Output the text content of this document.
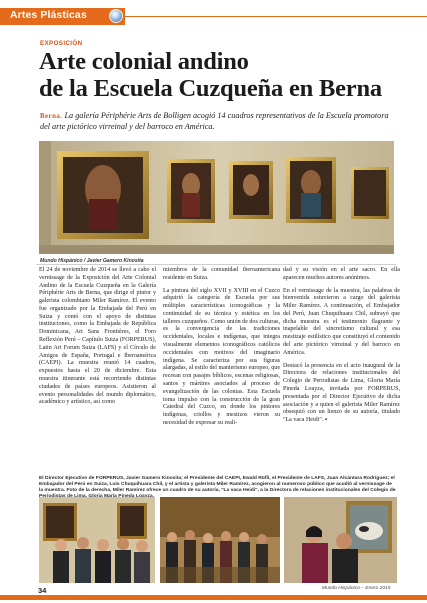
Artes Plásticas
EXPOSICIÓN
Arte colonial andino
de la Escuela Cuzqueña en Berna
Berna. La galería Périphérie Arts de Bolligen acogió 14 cuadros representativos de la Escuela promotora del arte pictórico virreinal y del barroco en América.
Mundo Hispánico / Javier Gamero Kinosita

El 24 de noviembre de 2014 se llevó a cabo el vernissage de la Exposición del Arte Colonial Andino de la Escuela Cuzqueña en la Galería Périphérie Arts de Berna, que dirige el pintor y galerista colombiano Miler Ramírez. El evento fue organizado por la Embajada del Perú en Suiza y contó con el apoyo de distintas instituciones, como la Embajada de República Dominicana, Art Sans Frontières, el Foro Reflexión Perú – Capítulo Suiza (FORPERUS), Latin Art Forum Suiza (LAFS) y el Círculo de Amigos de España, Portugal e Iberoamérica (CAEPI). La muestra reunió 14 cuadros, expuestos hasta el 20 de diciembre. Esta muestra itinerante está recorriendo distintas ciudades de países europeos. Asistieron al evento personalidades del mundo diplomático, académico y artístico, así como

miembros de la comunidad iberoamericana residente en Suiza.

La pintura del siglo XVII y XVIII en el Cuzco adquirió la categoría de Escuela por sus múltiples características iconográficas y la continuidad de su técnica y estética en los talleres cuzqueños. Como unión de dos culturas, es la convergencia de las tradiciones occidentales, locales e indígenas, que integra visualmente elementos iconográficos católicos occidentales con motivos del imaginario indígena. Se caracteriza por sus figuras alargadas, al estilo del manierismo europeo, que recrean con pasajes bíblicos, escenas religiosas, santos y mártires asociados al proceso de evangelización de las colonias. Esta Escuela toma impulso con la construcción de la gran Catedral del Cuzco, en donde los pintores indígenas, criollos y mestizos vieron su necesidad de expresar su reali-

dad y su visión en el arte sacro. En ella aparecen muchos autores anónimos.

En el vernissage de la muestra, las palabras de bienvenida estuvieron a cargo del galerista Miler Ramírez. A continuación, el Embajador del Perú, Juan Chuquihuara Chil, subrayó que dicha muestra es el testimonio flagrante y inapelable del sincretismo cultural y esa mestizaje estilístico que constituyó el contenido del arte pictórico virreinal y del barroco en América.

Destacó la presencia en el acto inaugural de la Directora de relaciones institucionales del Colegio de Periodistas de Lima, Gloria María Pineda Loayza, invitada por FORPERUS, presentada por el Director Ejecutivo de dicha asociación y a quien el galerista Miler Ramírez obsequió con un lienzo de su autoría, titulado "La vaca Heidi". ▪

El Director Ejecutivo de FORPERUS, Javier Gamero Kinosita; el Presidente del CAEPI, Ewald Rüfli, el Presidente de LAFS, Juan Alcántara Rodríguez; el Embajador del Perú en Suiza, Luis Chuquihuara Chil, y el artista y galerista Miler Ramírez, acogieron al numeroso público que acudió al vernissage de la muestra. Foto de la derecha, Miler Ramírez ofrece un cuadro de su autoría, "La vaca Heidi", a la Directora de relaciones institucionales del Colegio de
34	Mundo Hispánico – Enero 2015
